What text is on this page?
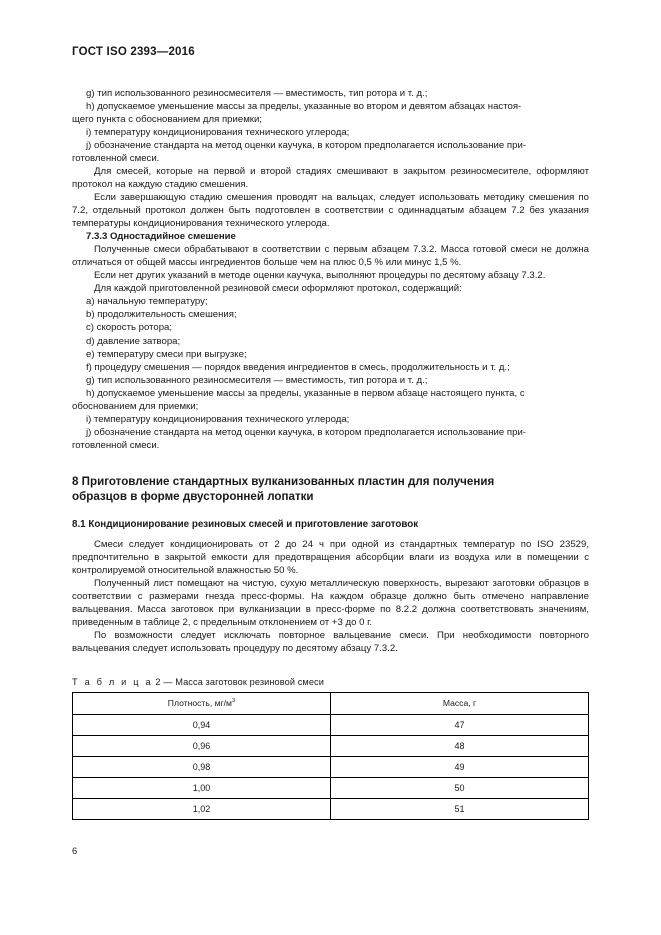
ГОСТ ISO 2393—2016

g) тип использованного резиносмесителя — вместимость, тип ротора и т. д.;

h) допускаемое уменьшение массы за пределы, указанные во втором и девятом абзацах настоя-

щего пункта с обоснованием для приемки;

i) температуру кондиционирования технического углерода;

j) обозначение стандарта на метод оценки каучука, в котором предполагается использование при-

готовленной смеси.

Для смесей, которые на первой и второй стадиях смешивают в закрытом резиносмесителе, оформляют протокол на каждую стадию смешения.

Если завершающую стадию смешения проводят на вальцах, следует использовать методику смешения по 7.2, отдельный протокол должен быть подготовлен в соответствии с одиннадцатым абзацем 7.2 без указания температуры кондиционирования технического углерода.

7.3.3 Одностадийное смешение

Полученные смеси обрабатывают в соответствии с первым абзацем 7.3.2. Масса готовой смеси не должна отличаться от общей массы ингредиентов больше чем на плюс 0,5 % или минус 1,5 %.

Если нет других указаний в методе оценки каучука, выполняют процедуры по десятому абзацу 7.3.2.

Для каждой приготовленной резиновой смеси оформляют протокол, содержащий:

a) начальную температуру;

b) продолжительность смешения;

c) скорость ротора;

d) давление затвора;

e) температуру смеси при выгрузке;

f) процедуру смешения — порядок введения ингредиентов в смесь, продолжительность и т. д.;

g) тип использованного резиносмесителя — вместимость, тип ротора и т. д.;

h) допускаемое уменьшение массы за пределы, указанные в первом абзаце настоящего пункта, с

обоснованием для приемки;

i) температуру кондиционирования технического углерода;

j) обозначение стандарта на метод оценки каучука, в котором предполагается использование при-

готовленной смеси.

8 Приготовление стандартных вулканизованных пластин для получения
образцов в форме двусторонней лопатки
8.1 Кондиционирование резиновых смесей и приготовление заготовок

Смеси следует кондиционировать от 2 до 24 ч при одной из стандартных температур по ISO 23529, предпочтительно в закрытой емкости для предотвращения абсорбции влаги из воздуха или в помещении с контролируемой относительной влажностью 50 %.

Полученный лист помещают на чистую, сухую металлическую поверхность, вырезают заготовки образцов в соответствии с размерами гнезда пресс-формы. На каждом образце должно быть отмечено направление вальцевания. Масса заготовок при вулканизации в пресс-форме по 8.2.2 должна соответствовать значениям, приведенным в таблице 2, с предельным отклонением от +3 до 0 г.

По возможности следует исключать повторное вальцевание смеси. При необходимости повторного вальцевания следует использовать процедуру по десятому абзацу 7.3.2.

Т а б л и ц а 2 — Масса заготовок резиновой смеси
Плотность, $мг/м^3$	Масса, г
0,94	47
0,96	48
0,98	49
1,00	50
1,02	51
6
